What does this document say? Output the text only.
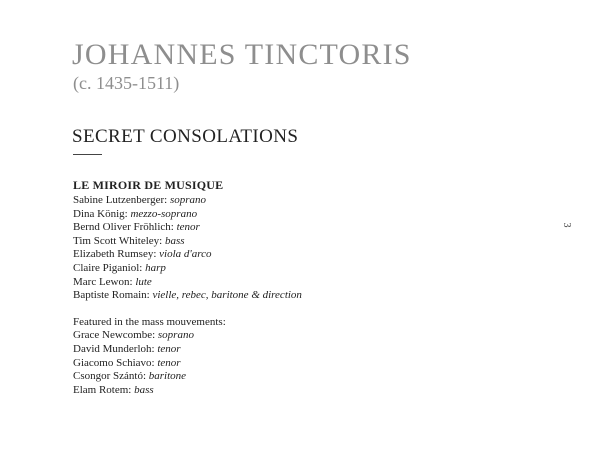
JOHANNES TINCTORIS
(c. 1435-1511)
SECRET CONSOLATIONS
LE MIROIR DE MUSIQUE
Sabine Lutzenberger: soprano
Dina König: mezzo-soprano
Bernd Oliver Fröhlich: tenor
Tim Scott Whiteley: bass
Elizabeth Rumsey: viola d'arco
Claire Piganiol: harp
Marc Lewon: lute
Baptiste Romain: vielle, rebec, baritone & direction
Featured in the mass mouvements:
Grace Newcombe: soprano
David Munderloh: tenor
Giacomo Schiavo: tenor
Csongor Szántó: baritone
Elam Rotem: bass
3
